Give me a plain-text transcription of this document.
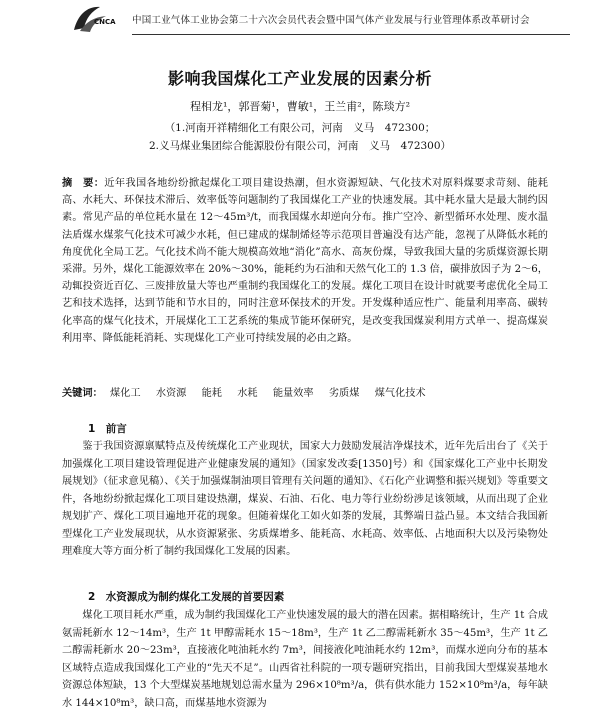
CNCA 中国工业气体工业协会第二十六次会员代表会暨中国气体产业发展与行业管理体系改革研讨会
影响我国煤化工产业发展的因素分析
程相龙¹，郭晋菊¹，曹敏¹，王兰甫²，陈琰方²
（1.河南开祥精细化工有限公司，河南　义马　472300；
2.义马煤业集团综合能源股份有限公司，河南　义马　472300）
摘　要：近年我国各地纷纷掀起煤化工项目建设热潮，但水资源短缺、气化技术对原料煤要求苛刻、能耗高、水耗大、环保技术滞后、效率低等问题制约了我国煤化工产业的快速发展。其中耗水量大是最大制约因素。常见产品的单位耗水量在 12～45m³/t，而我国煤水却逆向分布。推广空冷、新型循环水处理、废水温法盾煤水煤浆气化技术可减少水耗，但已建成的煤制烯烃等示范项目普遍没有达产能，忽视了从降低水耗的角度优化全局工艺。气化技术尚不能大规模高效地“消化”高水、高灰份煤，导致我国大量的劣质煤资源长期采滞。另外，煤化工能源效率在 20%～30%，能耗约为石油和天然气化工的 1.3 倍，碳排放因子为 2～6，动辄投资近百亿、三废排放量大等也严重制约我国煤化工的发展。煤化工项目在设计时就要考虑优化全局工艺和技术选择，达到节能和节水目的，同时注意环保技术的开发。开发煤种适应性广、能量利用率高、碳转化率高的煤气化技术，开展煤化工工艺系统的集成节能环保研究，是改变我国煤炭利用方式单一、提高煤炭利用率、降低能耗消耗、实现煤化工产业可持续发展的必由之路。
关键词： 煤化工 水资源 能耗 水耗 能量效率 劣质煤 煤气化技术
1　前言
鉴于我国资源禀赋特点及传统煤化工产业现状，国家大力鼓励发展洁净煤技术，近年先后出台了《关于加强煤化工项目建设管理促进产业健康发展的通知》（国家发改委[1350]号）和《国家煤化工产业中长期发展规划》（征求意见稿）、《关于加强煤制油项目管理有关问题的通知》、《石化产业调整和振兴规划》等重要文件，各地纷纷掀起煤化工项目建设热潮，煤炭、石油、石化、电力等行业纷纷涉足该领域，从而出现了企业规划扩产、煤化工项目遍地开花的现象。但随着煤化工如火如荼的发展，其弊端日益凸显。本文结合我国新型煤化工产业发展现状，从水资源紧张、劣质煤增多、能耗高、水耗高、效率低、占地面积大以及污染物处理难度大等方面分析了制约我国煤化工发展的因素。
2　水资源成为制约煤化工发展的首要因素
煤化工项目耗水严重，成为制约我国煤化工产业快速发展的最大的潜在因素。据相略统计，生产 1t 合成氨需耗新水 12～14m³，生产 1t 甲醇需耗水 15～18m³，生产 1t 乙二醇需耗新水 35～45m³，生产 1t 乙二醇需耗新水 20～23m³，直接液化吨油耗水约 7m³，间接液化吨油耗水约 12m³，而煤水逆向分布的基本区域特点造成我国煤化工产业的“先天不足”。山西省社科院的一项专题研究指出，目前我国大型煤炭基地水资源总体短缺，13 个大型煤炭基地规划总需水量为 296×10⁸m³/a，供有供水能力 152×10⁸m³/a，每年缺水 144×10⁸m³，缺口高，而煤基地水资源为
